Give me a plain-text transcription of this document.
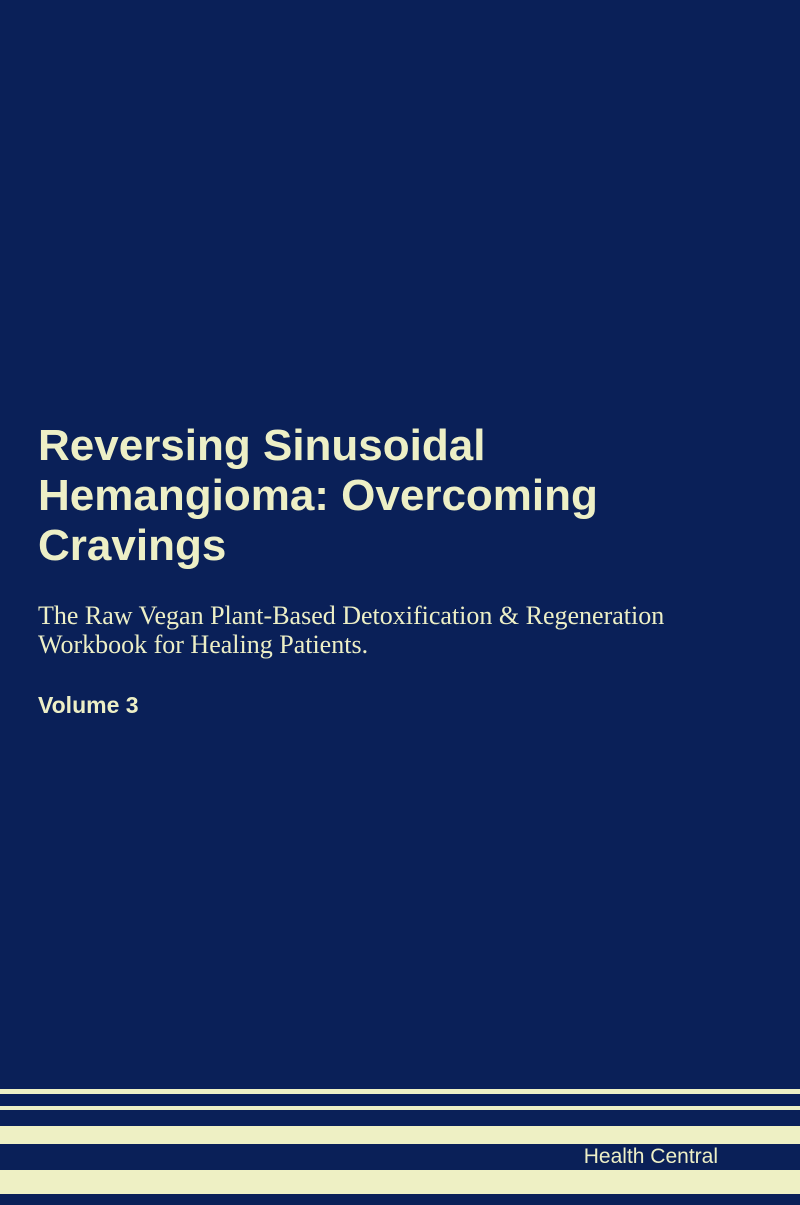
Reversing Sinusoidal Hemangioma: Overcoming Cravings

The Raw Vegan Plant-Based Detoxification & Regeneration Workbook for Healing Patients.

Volume 3

Health Central
